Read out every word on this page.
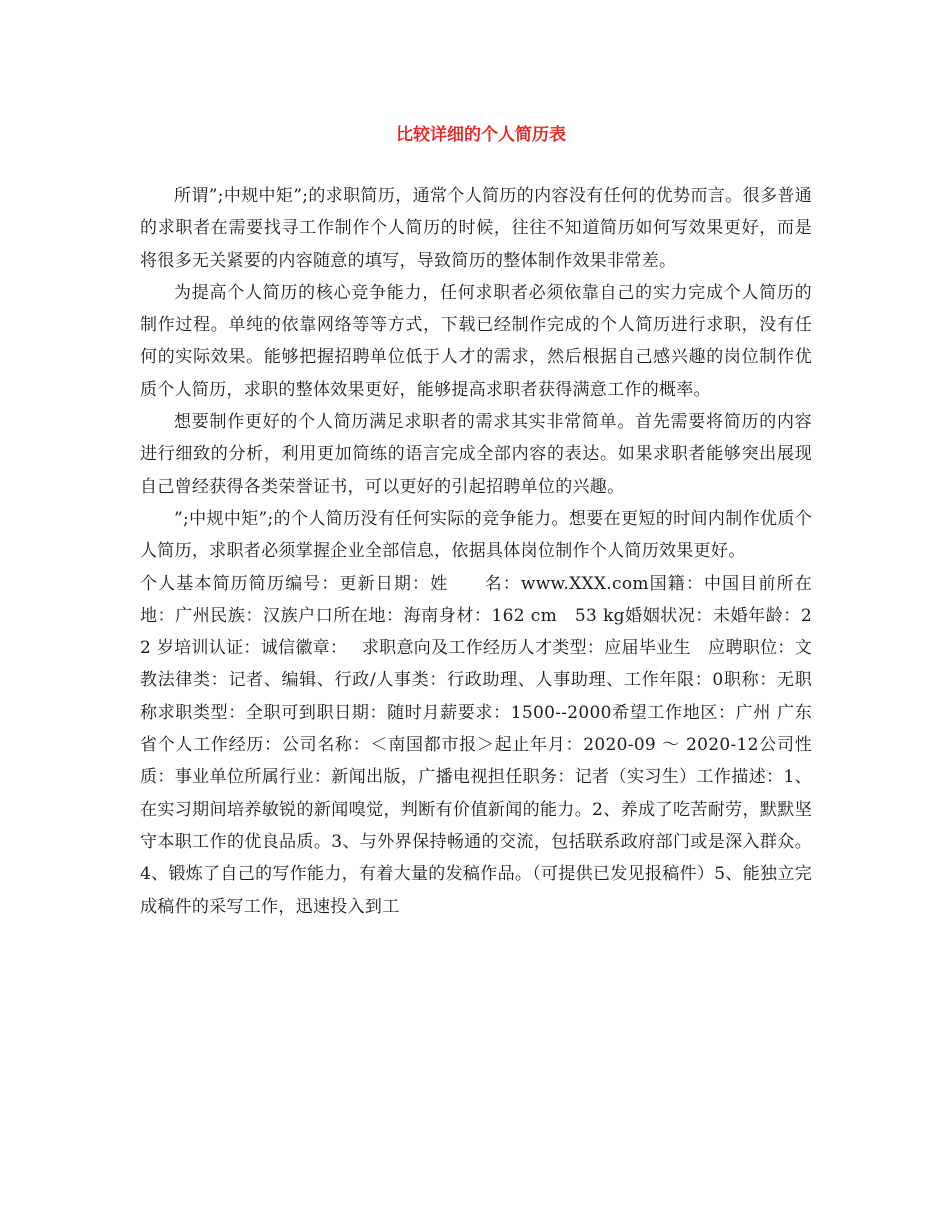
比较详细的个人简历表

所谓”;中规中矩”;的求职简历，通常个人简历的内容没有任何的优势而言。很多普通的求职者在需要找寻工作制作个人简历的时候，往往不知道简历如何写效果更好，而是将很多无关紧要的内容随意的填写，导致简历的整体制作效果非常差。

为提高个人简历的核心竞争能力，任何求职者必须依靠自己的实力完成个人简历的制作过程。单纯的依靠网络等等方式，下载已经制作完成的个人简历进行求职，没有任何的实际效果。能够把握招聘单位低于人才的需求，然后根据自己感兴趣的岗位制作优质个人简历，求职的整体效果更好，能够提高求职者获得满意工作的概率。

想要制作更好的个人简历满足求职者的需求其实非常简单。首先需要将简历的内容进行细致的分析，利用更加简练的语言完成全部内容的表达。如果求职者能够突出展现自己曾经获得各类荣誉证书，可以更好的引起招聘单位的兴趣。

”;中规中矩”;的个人简历没有任何实际的竞争能力。想要在更短的时间内制作优质个人简历，求职者必须掌握企业全部信息，依据具体岗位制作个人简历效果更好。

个人基本简历简历编号：更新日期：姓　　名：www.XXX.com国籍：中国目前所在地：广州民族：汉族户口所在地：海南身材：162 cm　53 kg婚姻状况：未婚年龄：22 岁培训认证：诚信徽章：　 求职意向及工作经历人才类型：应届毕业生　应聘职位：文教法律类：记者、编辑、行政/人事类：行政助理、人事助理、工作年限：0职称：无职称求职类型：全职可到职日期：随时月薪要求：1500--2000希望工作地区：广州 广东省个人工作经历：公司名称：＜南国都市报＞起止年月：2020-09 ～ 2020-12公司性质：事业单位所属行业：新闻出版，广播电视担任职务：记者（实习生）工作描述：1、在实习期间培养敏锐的新闻嗅觉，判断有价值新闻的能力。2、养成了吃苦耐劳，默默坚守本职工作的优良品质。3、与外界保持畅通的交流，包括联系政府部门或是深入群众。4、锻炼了自己的写作能力，有着大量的发稿作品。（可提供已发见报稿件）5、能独立完成稿件的采写工作，迅速投入到工
